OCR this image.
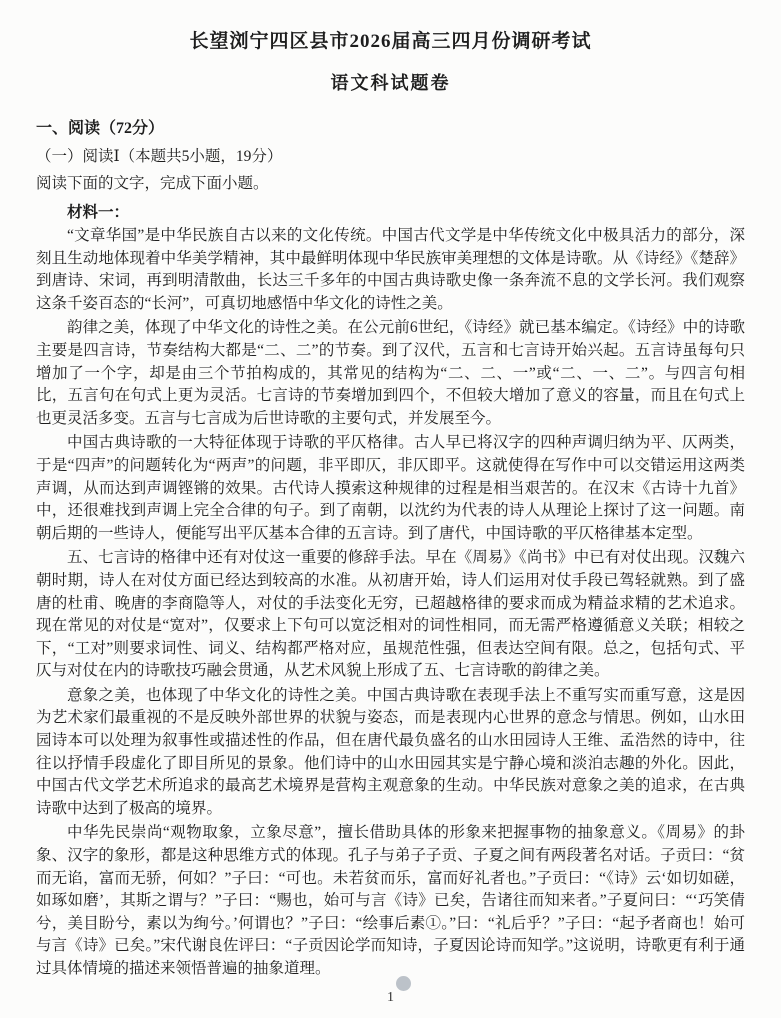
长望浏宁四区县市2026届高三四月份调研考试
语文科试题卷
一、阅读（72分）
（一）阅读Ⅰ（本题共5小题，19分）
阅读下面的文字，完成下面小题。
材料一：

“文章华国”是中华民族自古以来的文化传统。中国古代文学是中华传统文化中极具活力的部分，深刻且生动地体现着中华美学精神，其中最鲜明体现中华民族审美理想的文体是诗歌。从《诗经》《楚辞》到唐诗、宋词，再到明清散曲，长达三千多年的中国古典诗歌史像一条奔流不息的文学长河。我们观察这条千姿百态的“长河”，可真切地感悟中华文化的诗性之美。

韵律之美，体现了中华文化的诗性之美。在公元前6世纪，《诗经》就已基本编定。《诗经》中的诗歌主要是四言诗，节奏结构大都是“二、二”的节奏。到了汉代，五言和七言诗开始兴起。五言诗虽每句只增加了一个字，却是由三个节拍构成的，其常见的结构为“二、二、一”或“二、一、二”。与四言句相比，五言句在句式上更为灵活。七言诗的节奏增加到四个，不但较大增加了意义的容量，而且在句式上也更灵活多变。五言与七言成为后世诗歌的主要句式，并发展至今。

中国古典诗歌的一大特征体现于诗歌的平仄格律。古人早已将汉字的四种声调归纳为平、仄两类，于是“四声”的问题转化为“两声”的问题，非平即仄，非仄即平。这就使得在写作中可以交错运用这两类声调，从而达到声调铿锵的效果。古代诗人摸索这种规律的过程是相当艰苦的。在汉末《古诗十九首》中，还很难找到声调上完全合律的句子。到了南朝，以沈约为代表的诗人从理论上探讨了这一问题。南朝后期的一些诗人，便能写出平仄基本合律的五言诗。到了唐代，中国诗歌的平仄格律基本定型。

五、七言诗的格律中还有对仗这一重要的修辞手法。早在《周易》《尚书》中已有对仗出现。汉魏六朝时期，诗人在对仗方面已经达到较高的水准。从初唐开始，诗人们运用对仗手段已驾轻就熟。到了盛唐的杜甫、晚唐的李商隐等人，对仗的手法变化无穷，已超越格律的要求而成为精益求精的艺术追求。现在常见的对仗是“宽对”，仅要求上下句可以宽泛相对的词性相同，而无需严格遵循意义关联；相较之下，“工对”则要求词性、词义、结构都严格对应，虽规范性强，但表达空间有限。总之，包括句式、平仄与对仗在内的诗歌技巧融会贯通，从艺术风貌上形成了五、七言诗歌的韵律之美。

意象之美，也体现了中华文化的诗性之美。中国古典诗歌在表现手法上不重写实而重写意，这是因为艺术家们最重视的不是反映外部世界的状貌与姿态，而是表现内心世界的意念与情思。例如，山水田园诗本可以处理为叙事性或描述性的作品，但在唐代最负盛名的山水田园诗人王维、孟浩然的诗中，往往以抒情手段虚化了即目所见的景象。他们诗中的山水田园其实是宁静心境和淡泊志趣的外化。因此，中国古代文学艺术所追求的最高艺术境界是营构主观意象的生动。中华民族对意象之美的追求，在古典诗歌中达到了极高的境界。

中华先民崇尚“观物取象，立象尽意”，擅长借助具体的形象来把握事物的抽象意义。《周易》的卦象、汉字的象形，都是这种思维方式的体现。孔子与弟子子贡、子夏之间有两段著名对话。子贡曰：“贫而无谄，富而无骄，何如？”子曰：“可也。未若贫而乐，富而好礼者也。”子贡曰：“《诗》云‘如切如磋，如琢如磨’，其斯之谓与？”子曰：“赐也，始可与言《诗》已矣，告诸往而知来者。”子夏问曰：“‘巧笑倩兮，美目盼兮，素以为绚兮。’何谓也？”子曰：“绘事后素①。”曰：“礼后乎？”子曰：“起予者商也！始可与言《诗》已矣。”宋代谢良佐评曰：“子贡因论学而知诗，子夏因论诗而知学。”这说明，诗歌更有利于通过具体情境的描述来领悟普遍的抽象道理。

1
